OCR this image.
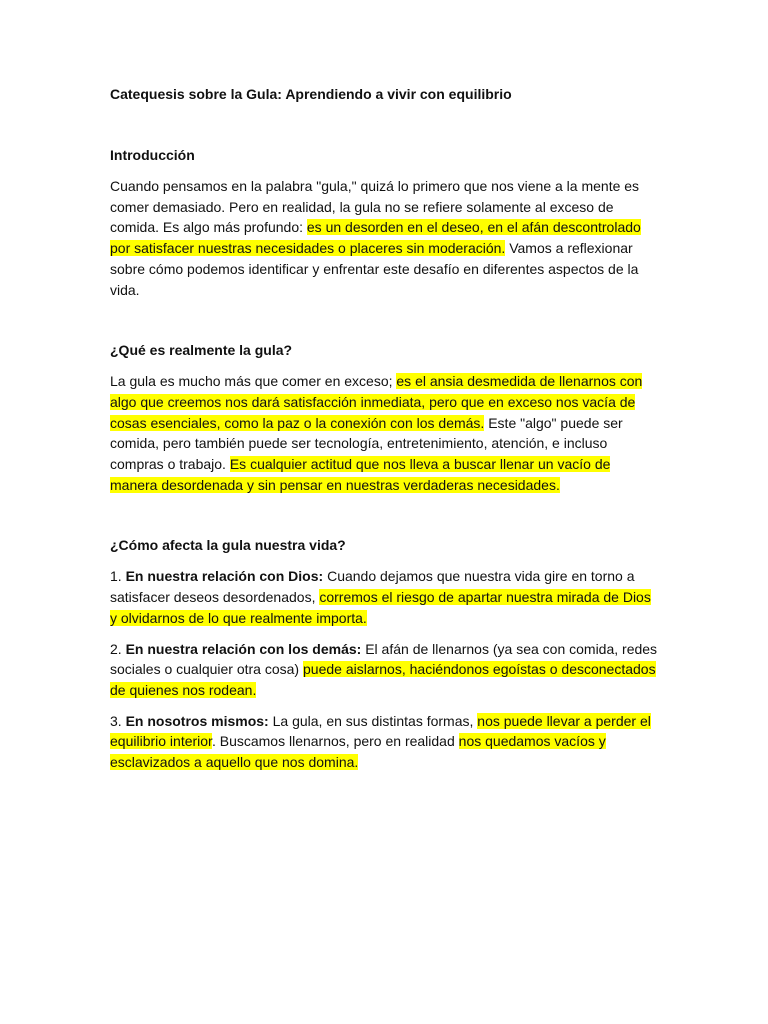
Catequesis sobre la Gula: Aprendiendo a vivir con equilibrio
Introducción

Cuando pensamos en la palabra "gula," quizá lo primero que nos viene a la mente es comer demasiado. Pero en realidad, la gula no se refiere solamente al exceso de comida. Es algo más profundo: es un desorden en el deseo, en el afán descontrolado por satisfacer nuestras necesidades o placeres sin moderación. Vamos a reflexionar sobre cómo podemos identificar y enfrentar este desafío en diferentes aspectos de la vida.

¿Qué es realmente la gula?

La gula es mucho más que comer en exceso; es el ansia desmedida de llenarnos con algo que creemos nos dará satisfacción inmediata, pero que en exceso nos vacía de cosas esenciales, como la paz o la conexión con los demás. Este "algo" puede ser comida, pero también puede ser tecnología, entretenimiento, atención, e incluso compras o trabajo. Es cualquier actitud que nos lleva a buscar llenar un vacío de manera desordenada y sin pensar en nuestras verdaderas necesidades.

¿Cómo afecta la gula nuestra vida?

1. En nuestra relación con Dios: Cuando dejamos que nuestra vida gire en torno a satisfacer deseos desordenados, corremos el riesgo de apartar nuestra mirada de Dios y olvidarnos de lo que realmente importa.

2. En nuestra relación con los demás: El afán de llenarnos (ya sea con comida, redes sociales o cualquier otra cosa) puede aislarnos, haciéndonos egoístas o desconectados de quienes nos rodean.

3. En nosotros mismos: La gula, en sus distintas formas, nos puede llevar a perder el equilibrio interior. Buscamos llenarnos, pero en realidad nos quedamos vacíos y esclavizados a aquello que nos domina.
